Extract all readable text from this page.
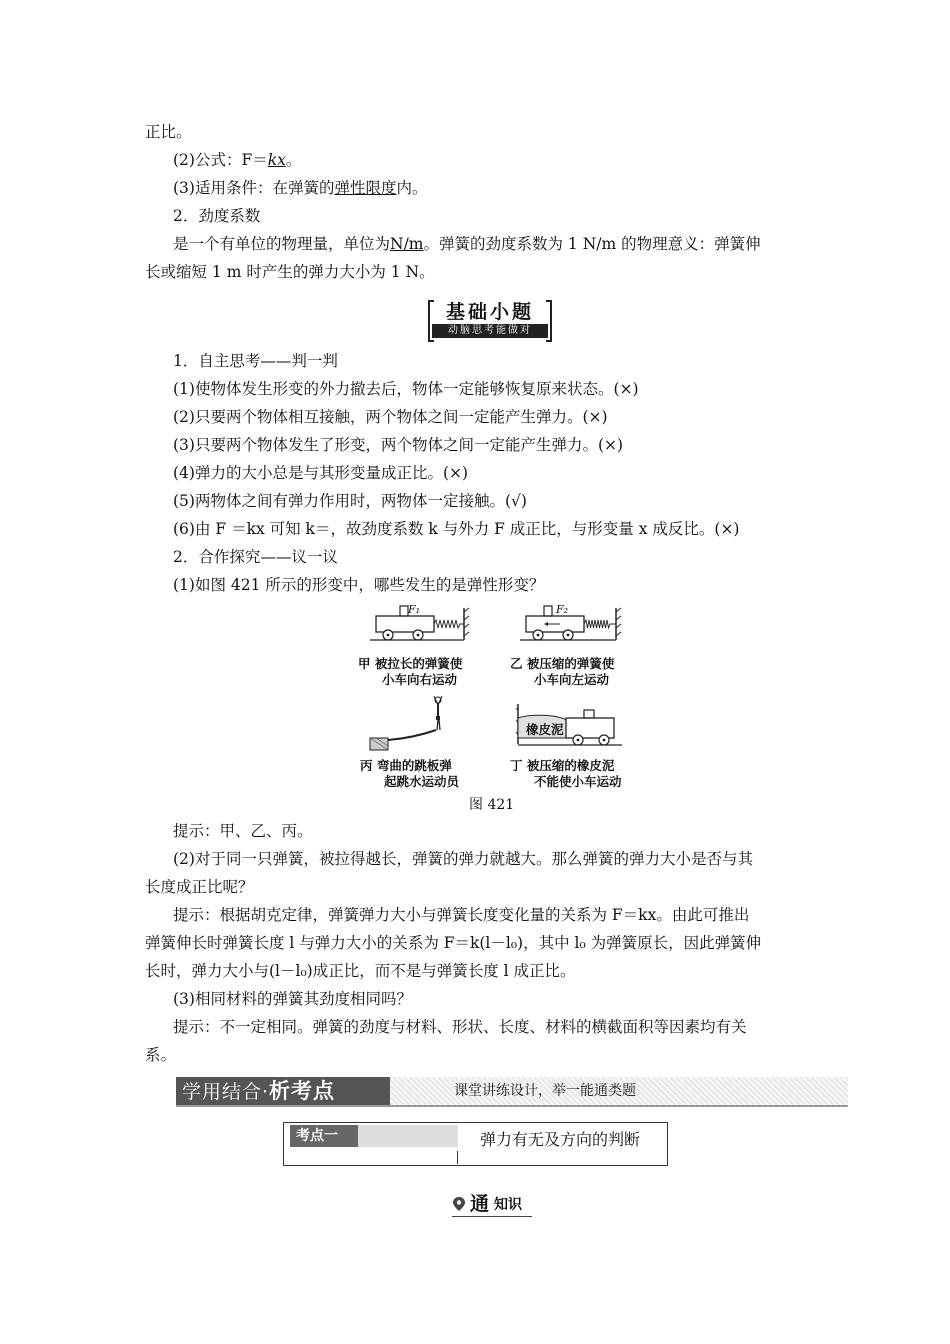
正比。
(2)公式：F＝kx。
(3)适用条件：在弹簧的弹性限度内。
2．劲度系数
是一个有单位的物理量，单位为N/m。弹簧的劲度系数为 1 N/m 的物理意义：弹簧伸
长或缩短 1 m 时产生的弹力大小为 1 N。
基础小题
动脑思考能做对
1．自主思考——判一判
(1)使物体发生形变的外力撤去后，物体一定能够恢复原来状态。(×)
(2)只要两个物体相互接触，两个物体之间一定能产生弹力。(×)
(3)只要两个物体发生了形变，两个物体之间一定能产生弹力。(×)
(4)弹力的大小总是与其形变量成正比。(×)
(5)两物体之间有弹力作用时，两物体一定接触。(√)
(6)由 F ＝kx 可知 k＝，故劲度系数 k 与外力 F 成正比，与形变量 x 成反比。(×)
2．合作探究——议一议
(1)如图 421 所示的形变中，哪些发生的是弹性形变？
F₁	F₂
甲 被拉长的弹簧使
小车向右运动
乙 被压缩的弹簧使
小车向左运动
橡皮泥
丙 弯曲的跳板弹
起跳水运动员
丁 被压缩的橡皮泥
不能使小车运动
图 421
提示：甲、乙、丙。
(2)对于同一只弹簧，被拉得越长，弹簧的弹力就越大。那么弹簧的弹力大小是否与其
长度成正比呢？
提示：根据胡克定律，弹簧弹力大小与弹簧长度变化量的关系为 F＝kx。由此可推出
弹簧伸长时弹簧长度 l 与弹力大小的关系为 F＝k(l－l₀)，其中 l₀ 为弹簧原长，因此弹簧伸
长时，弹力大小与(l－l₀)成正比，而不是与弹簧长度 l 成正比。
(3)相同材料的弹簧其劲度相同吗？
提示：不一定相同。弹簧的劲度与材料、形状、长度、材料的横截面积等因素均有关
系。
学用结合·析考点	课堂讲练设计，举一能通类题
考点一	弹力有无及方向的判断
通 知识
